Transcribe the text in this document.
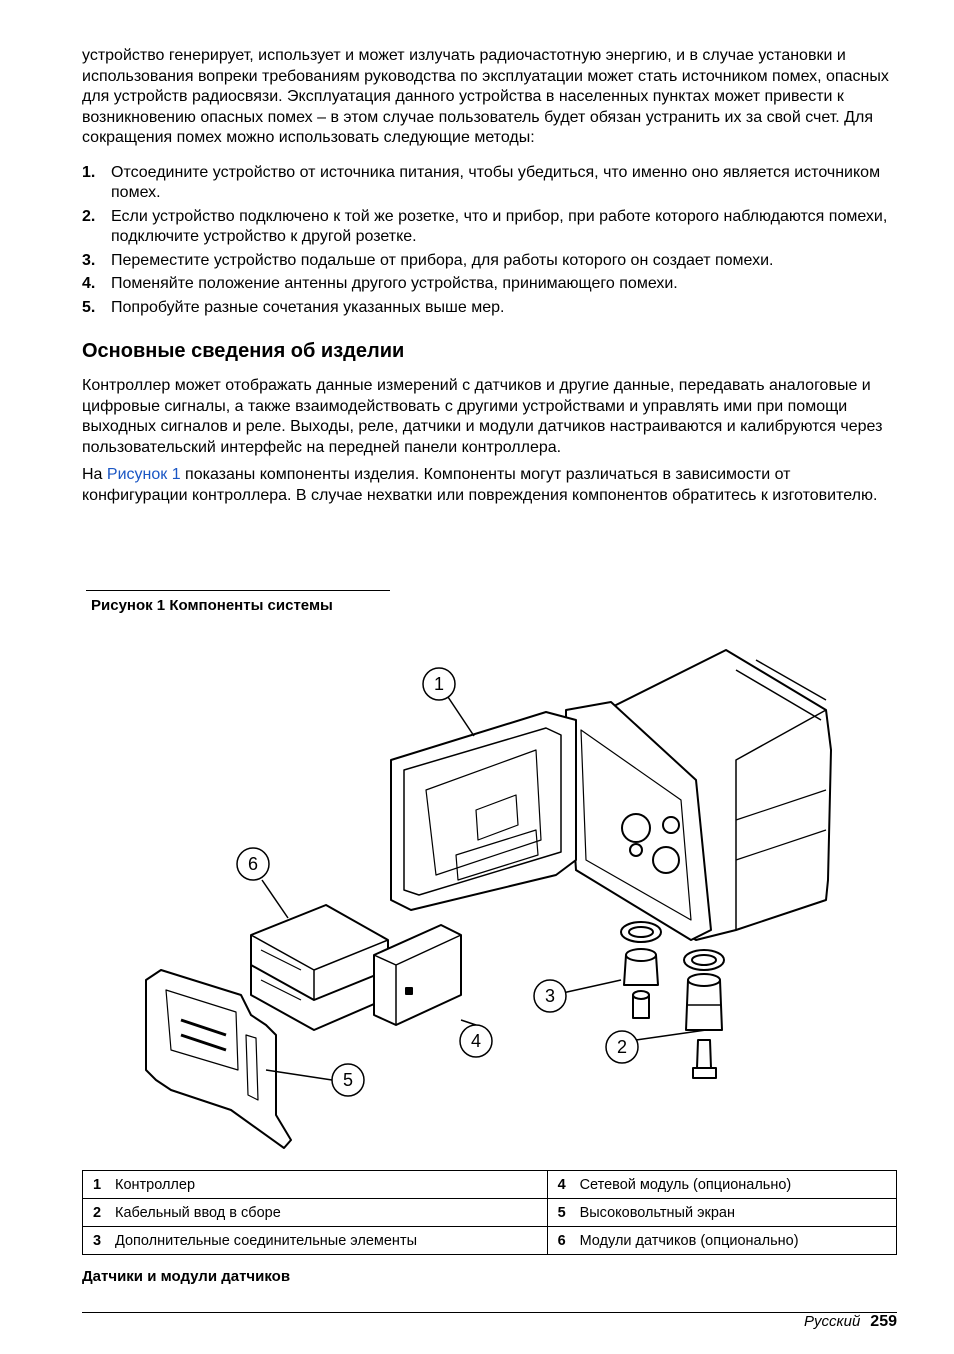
устройство генерирует, использует и может излучать радиочастотную энергию, и в случае установки и использования вопреки требованиям руководства по эксплуатации может стать источником помех, опасных для устройств радиосвязи. Эксплуатация данного устройства в населенных пунктах может привести к возникновению опасных помех – в этом случае пользователь будет обязан устранить их за свой счет. Для сокращения помех можно использовать следующие методы:

1. Отсоедините устройство от источника питания, чтобы убедиться, что именно оно является источником помех.
2. Если устройство подключено к той же розетке, что и прибор, при работе которого наблюдаются помехи, подключите устройство к другой розетке.
3. Переместите устройство подальше от прибора, для работы которого он создает помехи.
4. Поменяйте положение антенны другого устройства, принимающего помехи.
5. Попробуйте разные сочетания указанных выше мер.
Основные сведения об изделии

Контроллер может отображать данные измерений с датчиков и другие данные, передавать аналоговые и цифровые сигналы, а также взаимодействовать с другими устройствами и управлять ими при помощи выходных сигналов и реле. Выходы, реле, датчики и модули датчиков настраиваются и калибруются через пользовательский интерфейс на передней панели контроллера.

На Рисунок 1 показаны компоненты изделия. Компоненты могут различаться в зависимости от конфигурации контроллера. В случае нехватки или повреждения компонентов обратитесь к изготовителю.

Рисунок 1 Компоненты системы
1
6
3
4	2
5
1 Контроллер	4 Сетевой модуль (опционально)
2 Кабельный ввод в сборе	5 Высоковольтный экран
3 Дополнительные соединительные элементы	6 Модули датчиков (опционально)
Датчики и модули датчиков
Русский 259
